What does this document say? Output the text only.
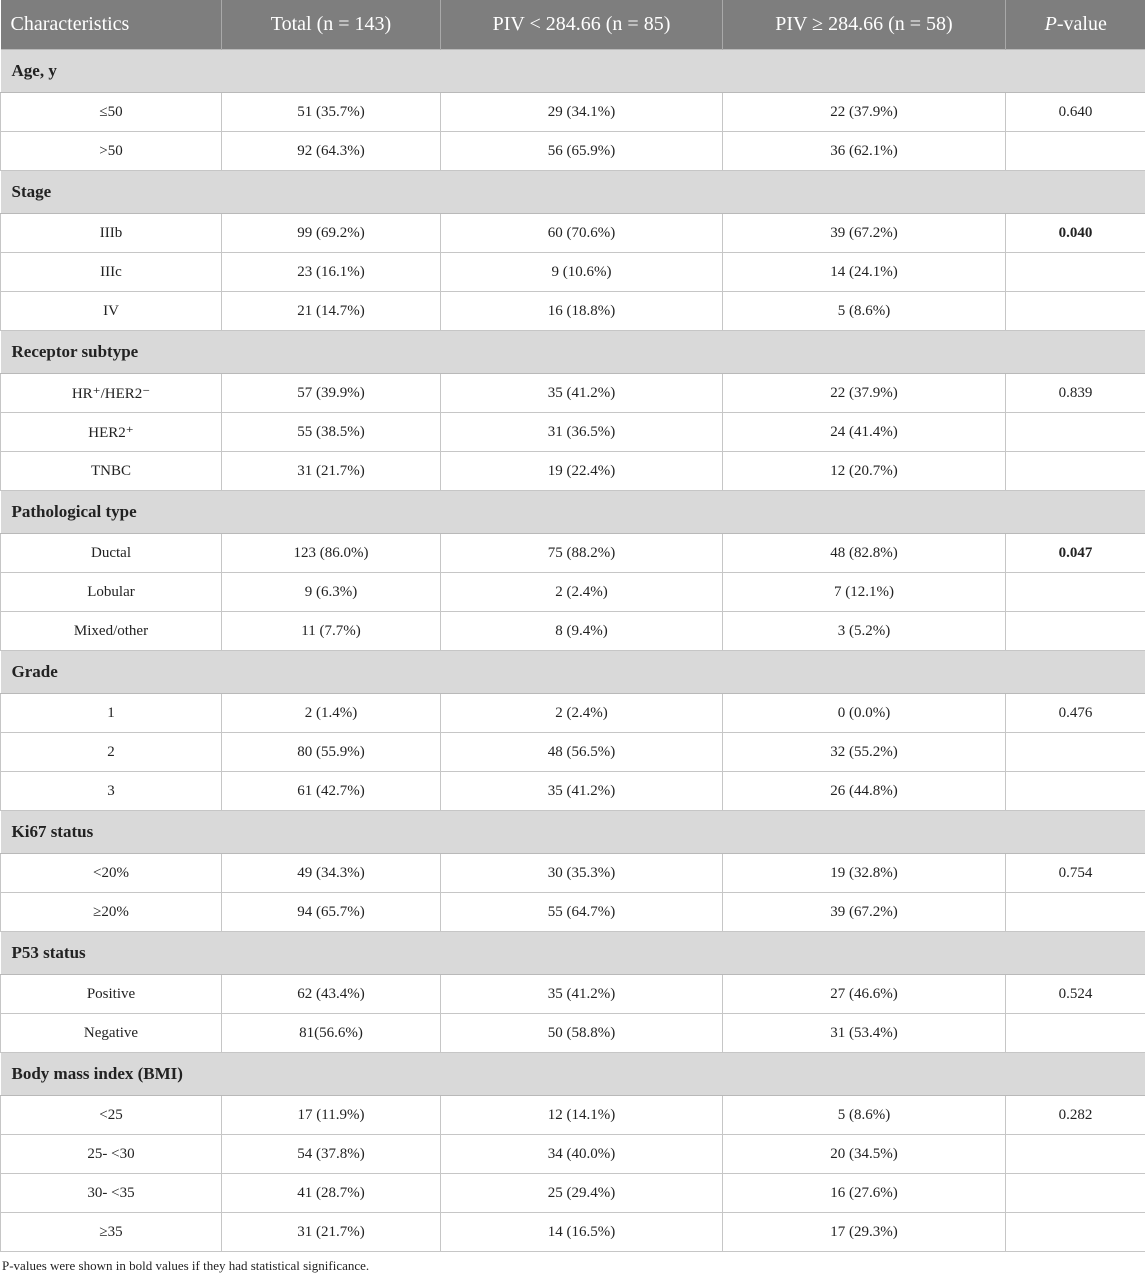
Characteristics	Total (n = 143)	PIV < 284.66 (n = 85)	PIV ≥ 284.66 (n = 58)	P-value
Age, y				
≤50	51 (35.7%)	29 (34.1%)	22 (37.9%)	0.640
>50	92 (64.3%)	56 (65.9%)	36 (62.1%)	
Stage				
IIIb	99 (69.2%)	60 (70.6%)	39 (67.2%)	0.040
IIIc	23 (16.1%)	9 (10.6%)	14 (24.1%)	
IV	21 (14.7%)	16 (18.8%)	5 (8.6%)	
Receptor subtype				
HR⁺/HER2⁻	57 (39.9%)	35 (41.2%)	22 (37.9%)	0.839
HER2⁺	55 (38.5%)	31 (36.5%)	24 (41.4%)	
TNBC	31 (21.7%)	19 (22.4%)	12 (20.7%)	
Pathological type				
Ductal	123 (86.0%)	75 (88.2%)	48 (82.8%)	0.047
Lobular	9 (6.3%)	2 (2.4%)	7 (12.1%)	
Mixed/other	11 (7.7%)	8 (9.4%)	3 (5.2%)	
Grade				
1	2 (1.4%)	2 (2.4%)	0 (0.0%)	0.476
2	80 (55.9%)	48 (56.5%)	32 (55.2%)	
3	61 (42.7%)	35 (41.2%)	26 (44.8%)	
Ki67 status				
<20%	49 (34.3%)	30 (35.3%)	19 (32.8%)	0.754
≥20%	94 (65.7%)	55 (64.7%)	39 (67.2%)	
P53 status				
Positive	62 (43.4%)	35 (41.2%)	27 (46.6%)	0.524
Negative	81(56.6%)	50 (58.8%)	31 (53.4%)	
Body mass index (BMI)				
<25	17 (11.9%)	12 (14.1%)	5 (8.6%)	0.282
25- <30	54 (37.8%)	34 (40.0%)	20 (34.5%)	
30- <35	41 (28.7%)	25 (29.4%)	16 (27.6%)	
≥35	31 (21.7%)	14 (16.5%)	17 (29.3%)	
P-values were shown in bold values if they had statistical significance.
